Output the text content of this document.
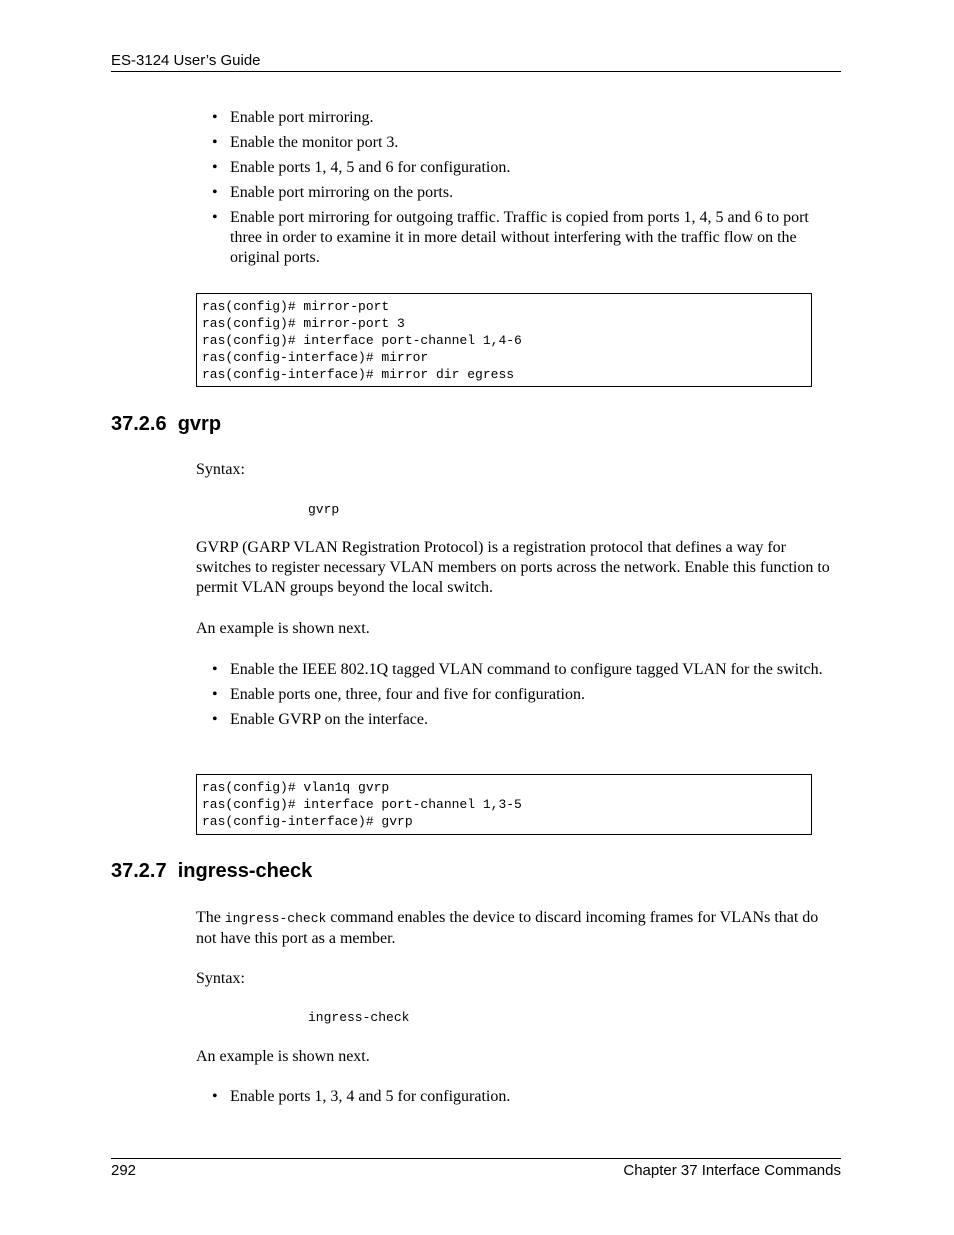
ES-3124 User’s Guide
• Enable port mirroring.
• Enable the monitor port 3.
• Enable ports 1, 4, 5 and 6 for configuration.
• Enable port mirroring on the ports.
• Enable port mirroring for outgoing traffic. Traffic is copied from ports 1, 4, 5 and 6 to port three in order to examine it in more detail without interfering with the traffic flow on the original ports.
ras(config)# mirror-port
ras(config)# mirror-port 3
ras(config)# interface port-channel 1,4-6
ras(config-interface)# mirror
ras(config-interface)# mirror dir egress
37.2.6  gvrp
Syntax:
gvrp
GVRP (GARP VLAN Registration Protocol) is a registration protocol that defines a way for switches to register necessary VLAN members on ports across the network. Enable this function to permit VLAN groups beyond the local switch.
An example is shown next.
• Enable the IEEE 802.1Q tagged VLAN command to configure tagged VLAN for the switch.
• Enable ports one, three, four and five for configuration.
• Enable GVRP on the interface.
ras(config)# vlan1q gvrp
ras(config)# interface port-channel 1,3-5
ras(config-interface)# gvrp
37.2.7  ingress-check
The ingress-check command enables the device to discard incoming frames for VLANs that do not have this port as a member.
Syntax:
ingress-check
An example is shown next.
• Enable ports 1, 3, 4 and 5 for configuration.
292	Chapter 37 Interface Commands
